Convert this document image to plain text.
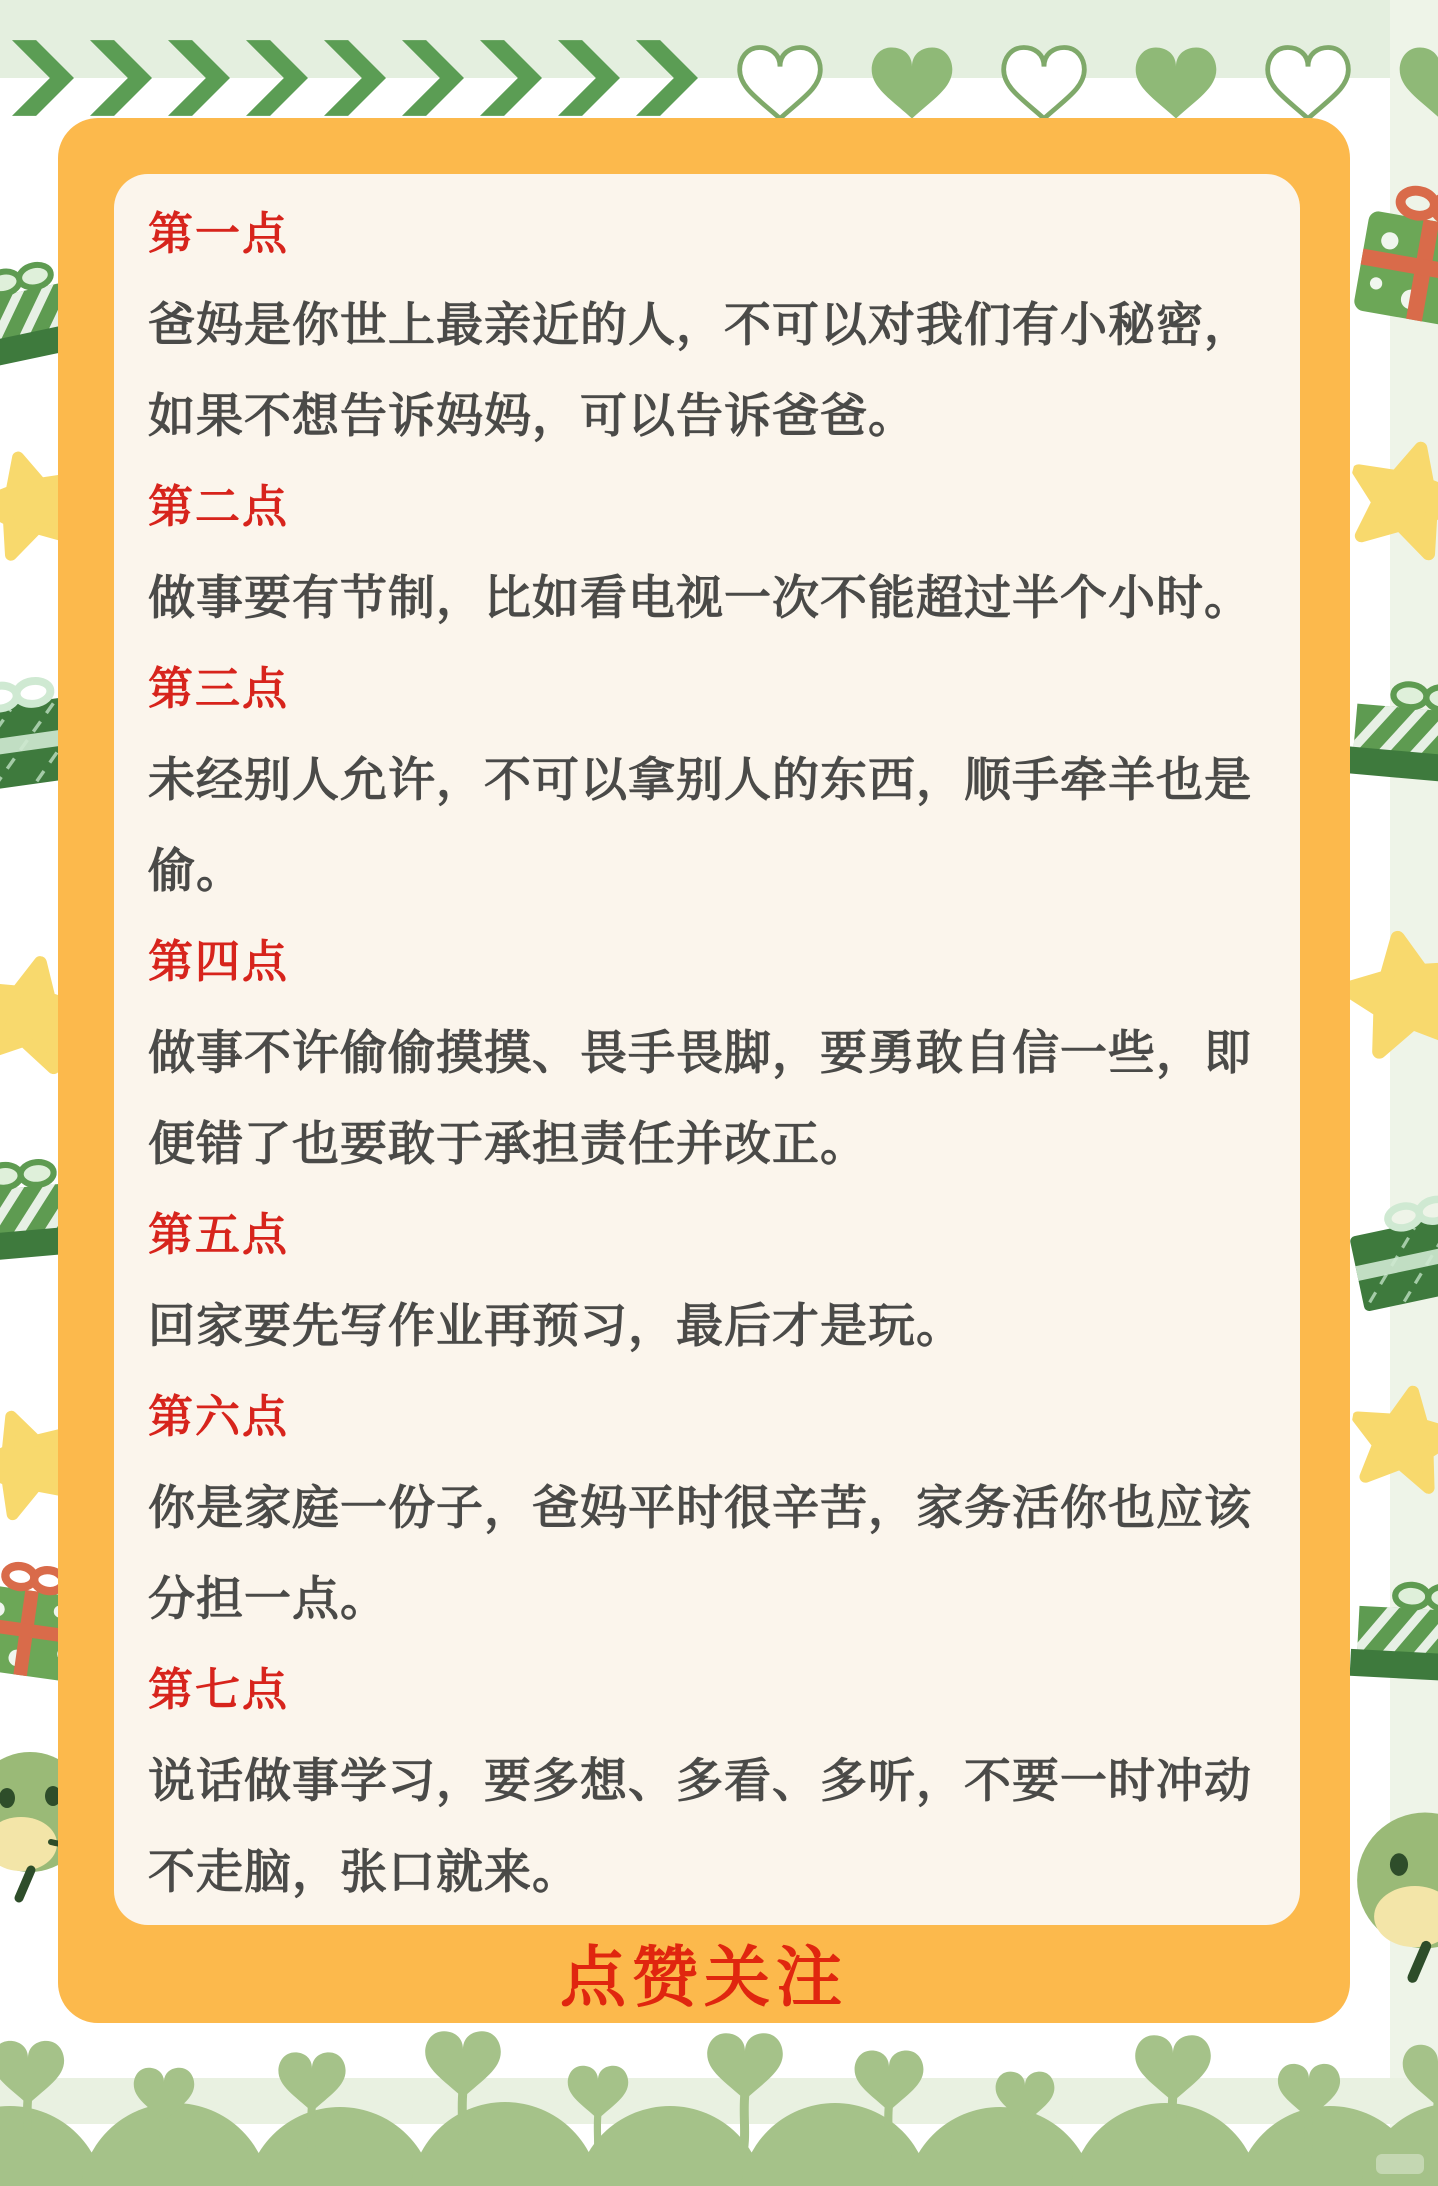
第一点
爸妈是你世上最亲近的人，不可以对我们有小秘密，如果不想告诉妈妈，可以告诉爸爸。
第二点
做事要有节制，比如看电视一次不能超过半个小时。
第三点
未经别人允许，不可以拿别人的东西，顺手牵羊也是偷。
第四点
做事不许偷偷摸摸、畏手畏脚，要勇敢自信一些，即便错了也要敢于承担责任并改正。
第五点
回家要先写作业再预习，最后才是玩。
第六点
你是家庭一份子，爸妈平时很辛苦，家务活你也应该分担一点。
第七点
说话做事学习，要多想、多看、多听，不要一时冲动不走脑，张口就来。
点赞关注
